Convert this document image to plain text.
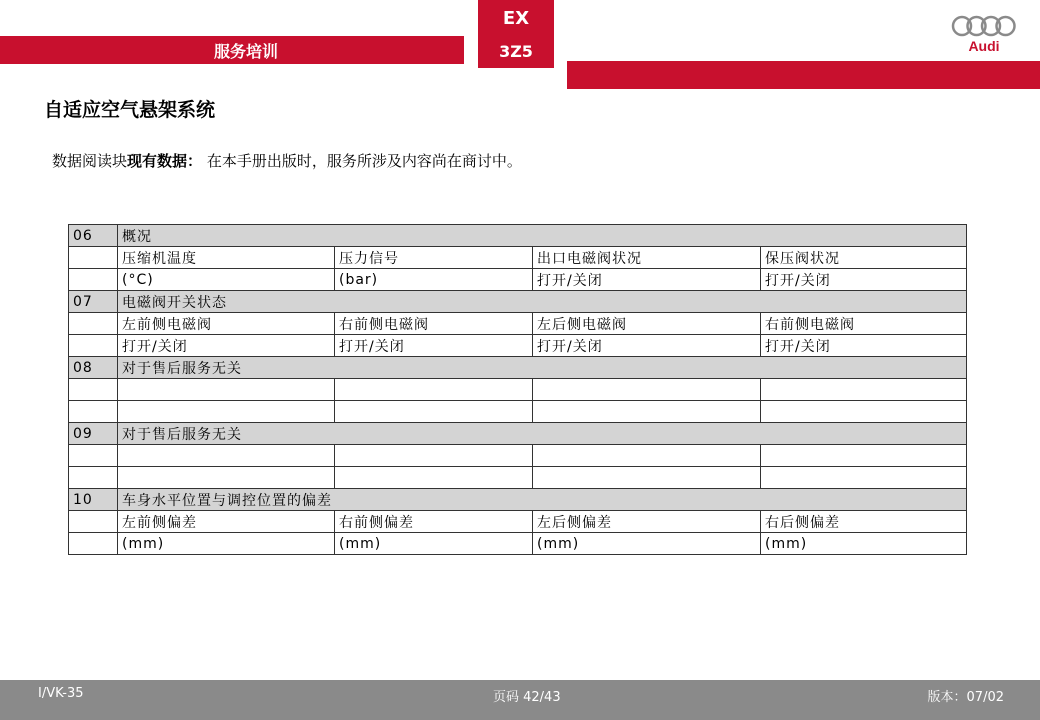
服务培训
EX
3Z5	Audi
自适应空气悬架系统
数据阅读块现有数据： 在本手册出版时，服务所涉及内容尚在商讨中。
06	概况			
	压缩机温度	压力信号	出口电磁阀状况	保压阀状况
	(°C)	(bar)	打开/关闭	打开/关闭
07	电磁阀开关状态			
	左前侧电磁阀	右前侧电磁阀	左后侧电磁阀	右前侧电磁阀
	打开/关闭	打开/关闭	打开/关闭	打开/关闭
08	对于售后服务无关			

09	对于售后服务无关			

10	车身水平位置与调控位置的偏差			
	左前侧偏差	右前侧偏差	左后侧偏差	右后侧偏差
	(mm)	(mm)	(mm)	(mm)
I/VK-35	页码 42/43	版本：07/02
